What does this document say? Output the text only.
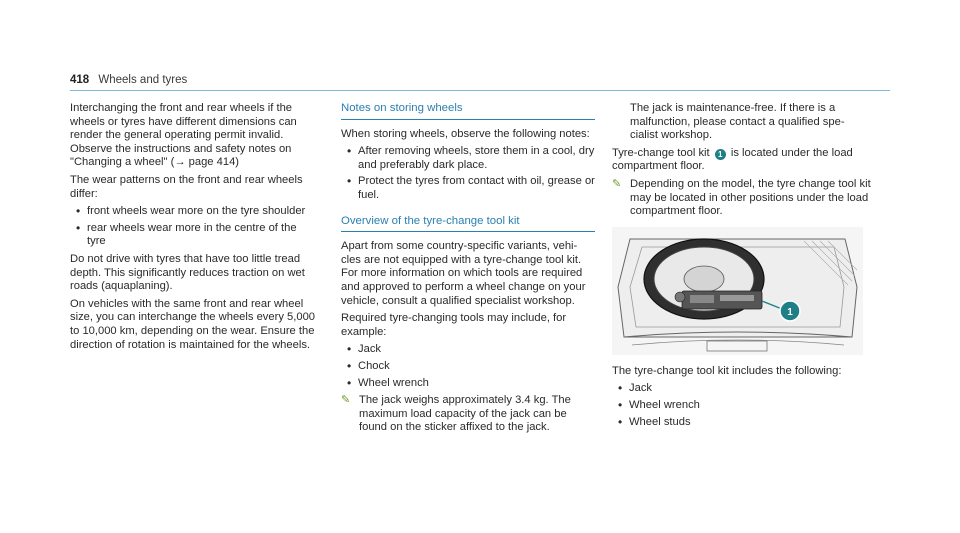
418 Wheels and tyres

Interchanging the front and rear wheels if the wheels or tyres have different dimensions can render the general operating permit invalid. Observe the instructions and safety notes on "Changing a wheel" (→ page 414)

The wear patterns on the front and rear wheels differ:

• front wheels wear more on the tyre shoulder
• rear wheels wear more in the centre of the tyre

Do not drive with tyres that have too little tread depth. This significantly reduces traction on wet roads (aquaplaning).

On vehicles with the same front and rear wheel size, you can interchange the wheels every 5,000 to 10,000 km, depending on the wear. Ensure the direction of rotation is maintained for the wheels.

Notes on storing wheels

When storing wheels, observe the following notes:

• After removing wheels, store them in a cool, dry and preferably dark place.
• Protect the tyres from contact with oil, grease or fuel.
Overview of the tyre-change tool kit

Apart from some country-specific variants, vehi-cles are not equipped with a tyre-change tool kit. For more information on which tools are required and approved to perform a wheel change on your vehicle, consult a qualified specialist workshop.

Required tyre-changing tools may include, for example:

• Jack
• Chock
• Wheel wrench
✎ The jack weighs approximately 3.4 kg. The maximum load capacity of the jack can be found on the sticker affixed to the jack.

The jack is maintenance-free. If there is a malfunction, please contact a qualified spe-cialist workshop.

Tyre-change tool kit 1 is located under the load compartment floor.

✎ Depending on the model, the tyre change tool kit may be located in other positions under the load compartment floor.
1

The tyre-change tool kit includes the following:

• Jack
• Wheel wrench
• Wheel studs
